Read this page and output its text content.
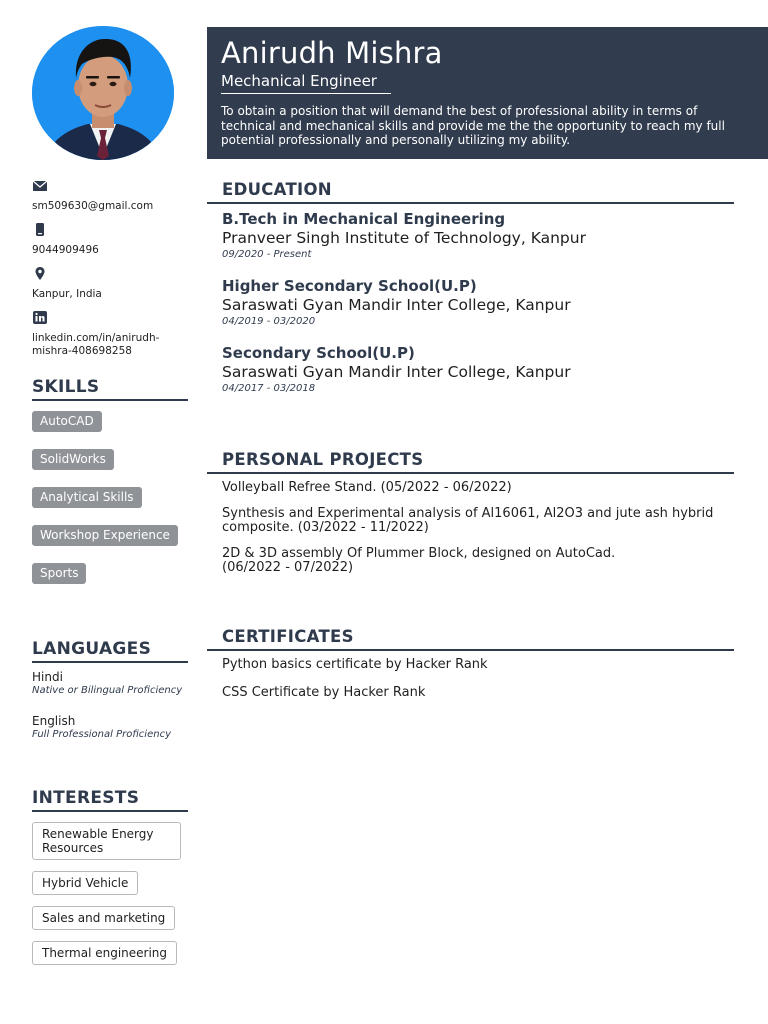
Anirudh Mishra
Mechanical Engineer
To obtain a position that will demand the best of professional ability in terms of technical and mechanical skills and provide me the the opportunity to reach my full potential professionally and personally utilizing my ability.
sm509630@gmail.com
9044909496
Kanpur, India
linkedin.com/in/anirudh-mishra-408698258
SKILLS
AutoCAD
SolidWorks
Analytical Skills
Workshop Experience
Sports
LANGUAGES
Hindi
Native or Bilingual Proficiency
English
Full Professional Proficiency
INTERESTS
Renewable Energy Resources
Hybrid Vehicle
Sales and marketing
Thermal engineering
EDUCATION
B.Tech in Mechanical Engineering
Pranveer Singh Institute of Technology, Kanpur
09/2020 - Present
Higher Secondary School(U.P)
Saraswati Gyan Mandir Inter College, Kanpur
04/2019 - 03/2020
Secondary School(U.P)
Saraswati Gyan Mandir Inter College, Kanpur
04/2017 - 03/2018
PERSONAL PROJECTS
Volleyball Refree Stand. (05/2022 - 06/2022)
Synthesis and Experimental analysis of Al16061, Al2O3 and jute ash hybrid composite. (03/2022 - 11/2022)
2D & 3D assembly Of Plummer Block, designed on AutoCad.
(06/2022 - 07/2022)
CERTIFICATES
Python basics certificate by Hacker Rank
CSS Certificate by Hacker Rank
